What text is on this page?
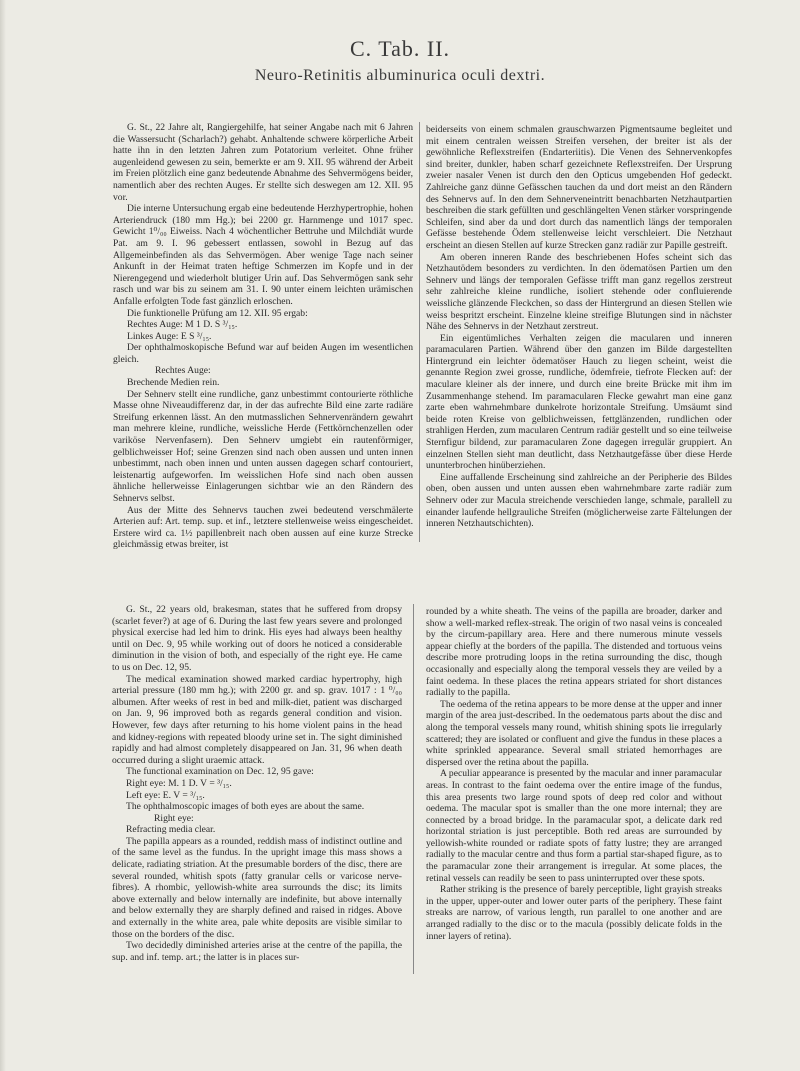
C. Tab. II.
Neuro-Retinitis albuminurica oculi dextri.

G. St., 22 Jahre alt, Rangiergehilfe, hat seiner Angabe nach mit 6 Jahren die Wassersucht (Scharlach?) gehabt. Anhaltende schwere körperliche Arbeit hatte ihn in den letzten Jahren zum Potatorium verleitet. Ohne früher augenleidend gewesen zu sein, bemerkte er am 9. XII. 95 während der Arbeit im Freien plötzlich eine ganz bedeutende Abnahme des Sehvermögens beider, namentlich aber des rechten Auges. Er stellte sich deswegen am 12. XII. 95 vor.

Die interne Untersuchung ergab eine bedeutende Herzhypertrophie, hohen Arteriendruck (180 mm Hg.); bei 2200 gr. Harnmenge und 1017 spec. Gewicht 1⁰/₀₀ Eiweiss. Nach 4 wöchentlicher Bettruhe und Milchdiät wurde Pat. am 9. I. 96 gebessert entlassen, sowohl in Bezug auf das Allgemeinbefinden als das Sehvermögen. Aber wenige Tage nach seiner Ankunft in der Heimat traten heftige Schmerzen im Kopfe und in der Nierengegend und wiederholt blutiger Urin auf. Das Sehvermögen sank sehr rasch und war bis zu seinem am 31. I. 90 unter einem leichten urämischen Anfalle erfolgten Tode fast gänzlich erloschen.

Die funktionelle Prüfung am 12. XII. 95 ergab:

Rechtes Auge: M 1 D. S ³/₁₅.

Linkes Auge: E S ³/₁₅.

Der ophthalmoskopische Befund war auf beiden Augen im wesentlichen gleich.

Rechtes Auge:

Brechende Medien rein.

Der Sehnerv stellt eine rundliche, ganz unbestimmt contourierte röthliche Masse ohne Niveaudifferenz dar, in der das aufrechte Bild eine zarte radiäre Streifung erkennen lässt. An den mutmasslichen Sehnervenrändern gewahrt man mehrere kleine, rundliche, weissliche Herde (Fettkörnchenzellen oder varikösе Nervenfasern). Den Sehnerv umgiebt ein rautenförmiger, gelblichweisser Hof; seine Grenzen sind nach oben aussen und unten innen unbestimmt, nach oben innen und unten aussen dagegen scharf contouriert, leistenartig aufgeworfen. Im weisslichen Hofe sind nach oben aussen ähnliche hellerweisse Einlagerungen sichtbar wie an den Rändern des Sehnervs selbst.

Aus der Mitte des Sehnervs tauchen zwei bedeutend verschmälerte Arterien auf: Art. temp. sup. et inf., letztere stellenweise weiss eingescheidet. Erstere wird ca. 1½ papillenbreit nach oben aussen auf eine kurze Strecke gleichmässig etwas breiter, ist

beiderseits von einem schmalen grauschwarzen Pigmentsaume begleitet und mit einem centralen weissen Streifen versehen, der breiter ist als der gewöhnliche Reflexstreifen (Endarteriitis). Die Venen des Sehnervenkopfes sind breiter, dunkler, haben scharf gezeichnete Reflexstreifen. Der Ursprung zweier nasaler Venen ist durch den den Opticus umgebenden Hof gedeckt. Zahlreiche ganz dünne Gefässchen tauchen da und dort meist an den Rändern des Sehnervs auf. In den dem Sehnerveneintritt benachbarten Netzhautpartien beschreiben die stark gefüllten und geschlängelten Venen stärker vorspringende Schleifen, sind aber da und dort durch das namentlich längs der temporalen Gefässe bestehende Ödem stellenweise leicht verschleiert. Die Netzhaut erscheint an diesen Stellen auf kurze Strecken ganz radiär zur Papille gestreift.

Am oberen inneren Rande des beschriebenen Hofes scheint sich das Netzhautödem besonders zu verdichten. In den ödematösen Partien um den Sehnerv und längs der temporalen Gefässe trifft man ganz regellos zerstreut sehr zahlreiche kleine rundliche, isoliert stehende oder confluierende weissliche glänzende Fleckchen, so dass der Hintergrund an diesen Stellen wie weiss bespritzt erscheint. Einzelne kleine streifige Blutungen sind in nächster Nähe des Sehnervs in der Netzhaut zerstreut.

Ein eigentümliches Verhalten zeigen die macularen und inneren paramacularen Partien. Während über den ganzen im Bilde dargestellten Hintergrund ein leichter ödematöser Hauch zu liegen scheint, weist die genannte Region zwei grosse, rundliche, ödemfreie, tiefrote Flecken auf: der maculare kleiner als der innere, und durch eine breite Brücke mit ihm im Zusammenhange stehend. Im paramacularen Flecke gewahrt man eine ganz zarte eben wahrnehmbare dunkelrote horizontale Streifung. Umsäumt sind beide roten Kreise von gelblichweissen, fettglänzenden, rundlichen oder strahligen Herden, zum macularen Centrum radiär gestellt und so eine teilweise Sternfigur bildend, zur paramacularen Zone dagegen irregulär gruppiert. An einzelnen Stellen sieht man deutlicht, dass Netzhautgefässe über diese Herde ununterbrochen hinüberziehen.

Eine auffallende Erscheinung sind zahlreiche an der Peripherie des Bildes oben, oben aussen und unten aussen eben wahrnehmbare zarte radiär zum Sehnerv oder zur Macula streichende verschieden lange, schmale, parallell zu einander laufende hellgrauliche Streifen (möglicherweise zarte Fältelungen der inneren Netzhautschichten).

G. St., 22 years old, brakesman, states that he suffered from dropsy (scarlet fever?) at age of 6. During the last few years severe and prolonged physical exercise had led him to drink. His eyes had always been healthy until on Dec. 9, 95 while working out of doors he noticed a considerable diminution in the vision of both, and especially of the right eye. He came to us on Dec. 12, 95.

The medical examination showed marked cardiac hypertrophy, high arterial pressure (180 mm hg.); with 2200 gr. and sp. grav. 1017 : 1 ⁰/₀₀ albumen. After weeks of rest in bed and milk-diet, patient was discharged on Jan. 9, 96 improved both as regards general condition and vision. However, few days after returning to his home violent pains in the head and kidney-regions with repeated bloody urine set in. The sight diminished rapidly and had almost completely disappeared on Jan. 31, 96 when death occurred during a slight uraemic attack.

The functional examination on Dec. 12, 95 gave:

Right eye: M. 1 D. V = ³/₁₅.

Left eye: E. V = ³/₁₅.

The ophthalmoscopic images of both eyes are about the same.

Right eye:

Refracting media clear.

The papilla appears as a rounded, reddish mass of indistinct outline and of the same level as the fundus. In the upright image this mass shows a delicate, radiating striation. At the presumable borders of the disc, there are several rounded, whitish spots (fatty granular cells or varicose nerve-fibres). A rhombic, yellowish-white area surrounds the disc; its limits above externally and below internally are indefinite, but above internally and below externally they are sharply defined and raised in ridges. Above and externally in the white area, pale white deposits are visible similar to those on the borders of the disc.

Two decidedly diminished arteries arise at the centre of the papilla, the sup. and inf. temp. art.; the latter is in places sur-

rounded by a white sheath. The veins of the papilla are broader, darker and show a well-marked reflex-streak. The origin of two nasal veins is concealed by the circum-papillary area. Here and there numerous minute vessels appear chiefly at the borders of the papilla. The distended and tortuous veins describe more protruding loops in the retina surrounding the disc, though occasionally and especially along the temporal vessels they are veiled by a faint oedema. In these places the retina appears striated for short distances radially to the papilla.

The oedema of the retina appears to be more dense at the upper and inner margin of the area just-described. In the oedematous parts about the disc and along the temporal vessels many round, whitish shining spots lie irregularly scattered; they are isolated or confluent and give the fundus in these places a white sprinkled appearance. Several small striated hemorrhages are dispersed over the retina about the papilla.

A peculiar appearance is presented by the macular and inner paramacular areas. In contrast to the faint oedema over the entire image of the fundus, this area presents two large round spots of deep red color and without oedema. The macular spot is smaller than the one more internal; they are connected by a broad bridge. In the paramacular spot, a delicate dark red horizontal striation is just perceptible. Both red areas are surrounded by yellowish-white rounded or radiate spots of fatty lustre; they are arranged radially to the macular centre and thus form a partial star-shaped figure, as to the paramacular zone their arrangement is irregular. At some places, the retinal vessels can readily be seen to pass uninterrupted over these spots.

Rather striking is the presence of barely perceptible, light grayish streaks in the upper, upper-outer and lower outer parts of the periphery. These faint streaks are narrow, of various length, run parallel to one another and are arranged radially to the disc or to the macula (possibly delicate folds in the inner layers of retina).
